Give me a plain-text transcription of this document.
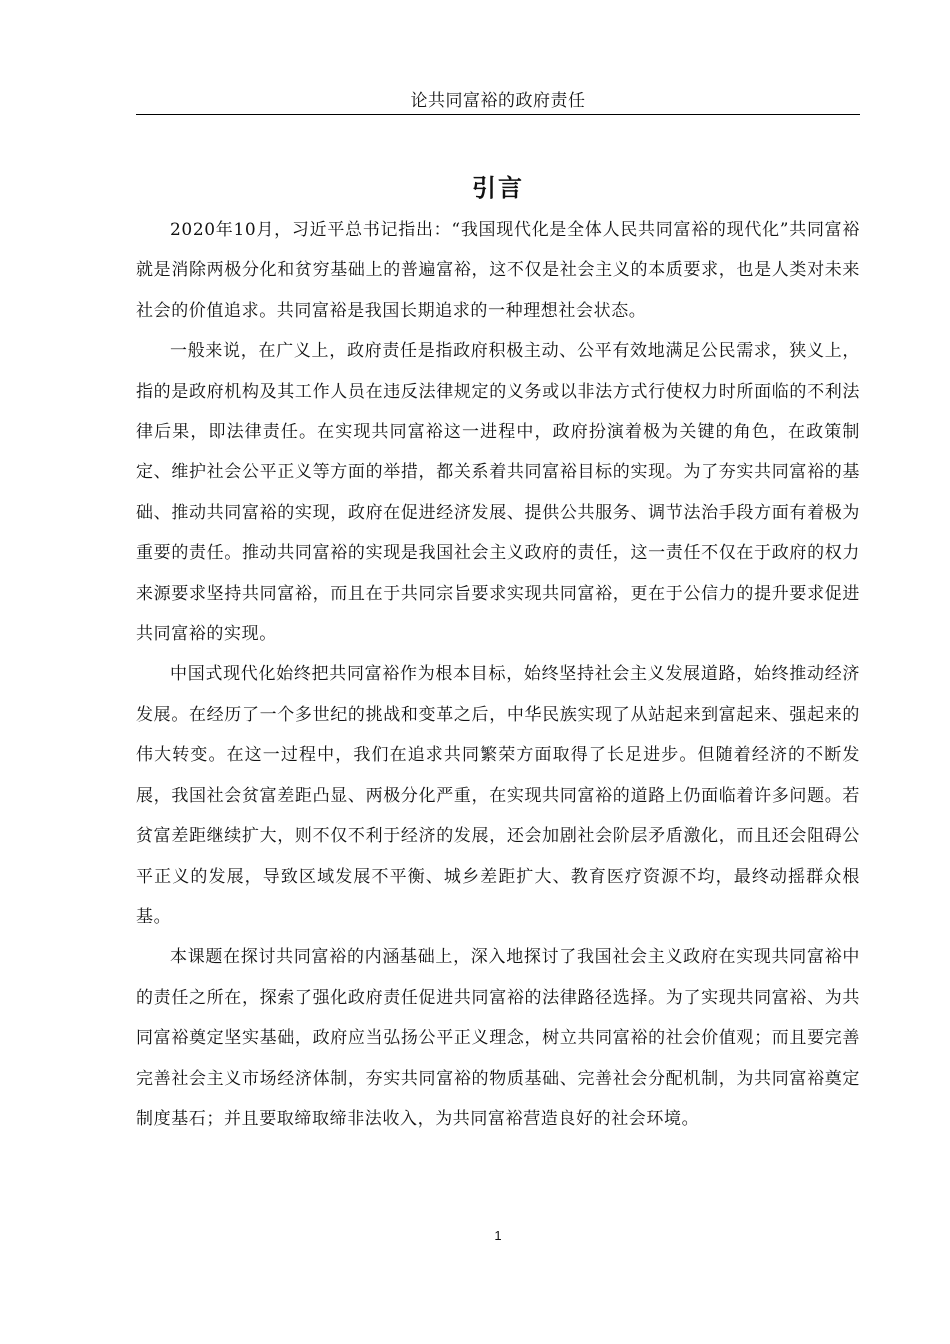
论共同富裕的政府责任
引言

2020年10月，习近平总书记指出：“我国现代化是全体人民共同富裕的现代化”共同富裕就是消除两极分化和贫穷基础上的普遍富裕，这不仅是社会主义的本质要求，也是人类对未来社会的价值追求。共同富裕是我国长期追求的一种理想社会状态。

一般来说，在广义上，政府责任是指政府积极主动、公平有效地满足公民需求，狭义上，指的是政府机构及其工作人员在违反法律规定的义务或以非法方式行使权力时所面临的不利法律后果，即法律责任。在实现共同富裕这一进程中，政府扮演着极为关键的角色，在政策制定、维护社会公平正义等方面的举措，都关系着共同富裕目标的实现。为了夯实共同富裕的基础、推动共同富裕的实现，政府在促进经济发展、提供公共服务、调节法治手段方面有着极为重要的责任。推动共同富裕的实现是我国社会主义政府的责任，这一责任不仅在于政府的权力来源要求坚持共同富裕，而且在于共同宗旨要求实现共同富裕，更在于公信力的提升要求促进共同富裕的实现。

中国式现代化始终把共同富裕作为根本目标，始终坚持社会主义发展道路，始终推动经济发展。在经历了一个多世纪的挑战和变革之后，中华民族实现了从站起来到富起来、强起来的伟大转变。在这一过程中，我们在追求共同繁荣方面取得了长足进步。但随着经济的不断发展，我国社会贫富差距凸显、两极分化严重，在实现共同富裕的道路上仍面临着许多问题。若贫富差距继续扩大，则不仅不利于经济的发展，还会加剧社会阶层矛盾激化，而且还会阻碍公平正义的发展，导致区域发展不平衡、城乡差距扩大、教育医疗资源不均，最终动摇群众根基。

本课题在探讨共同富裕的内涵基础上，深入地探讨了我国社会主义政府在实现共同富裕中的责任之所在，探索了强化政府责任促进共同富裕的法律路径选择。为了实现共同富裕、为共同富裕奠定坚实基础，政府应当弘扬公平正义理念，树立共同富裕的社会价值观；而且要完善完善社会主义市场经济体制，夯实共同富裕的物质基础、完善社会分配机制，为共同富裕奠定制度基石；并且要取缔取缔非法收入，为共同富裕营造良好的社会环境。

1
